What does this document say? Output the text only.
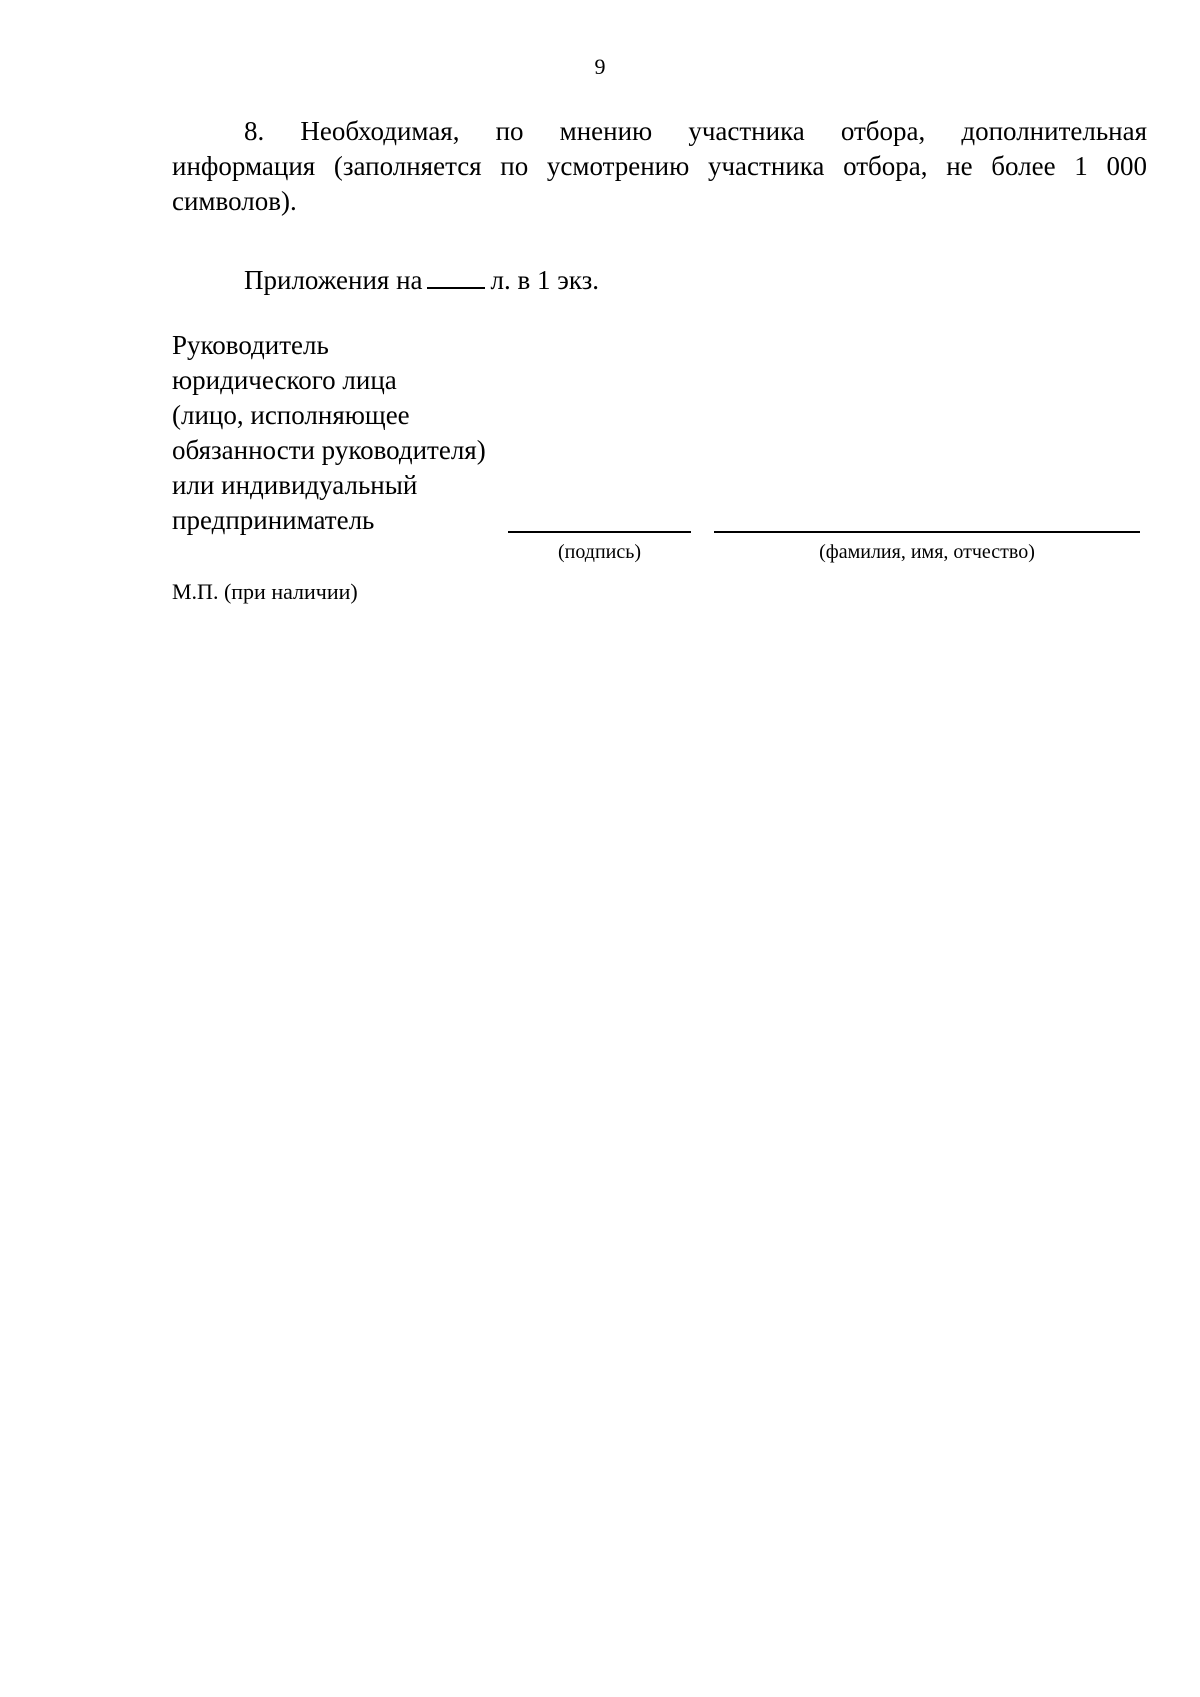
9
8. Необходимая, по мнению участника отбора, дополнительная
информация (заполняется по усмотрению участника отбора, не более 1 000
символов).
Приложения на	л. в 1 экз.
Руководитель
юридического лица
(лицо, исполняющее
обязанности руководителя)
или индивидуальный
предприниматель
(подпись)	(фамилия, имя, отчество)
М.П. (при наличии)
